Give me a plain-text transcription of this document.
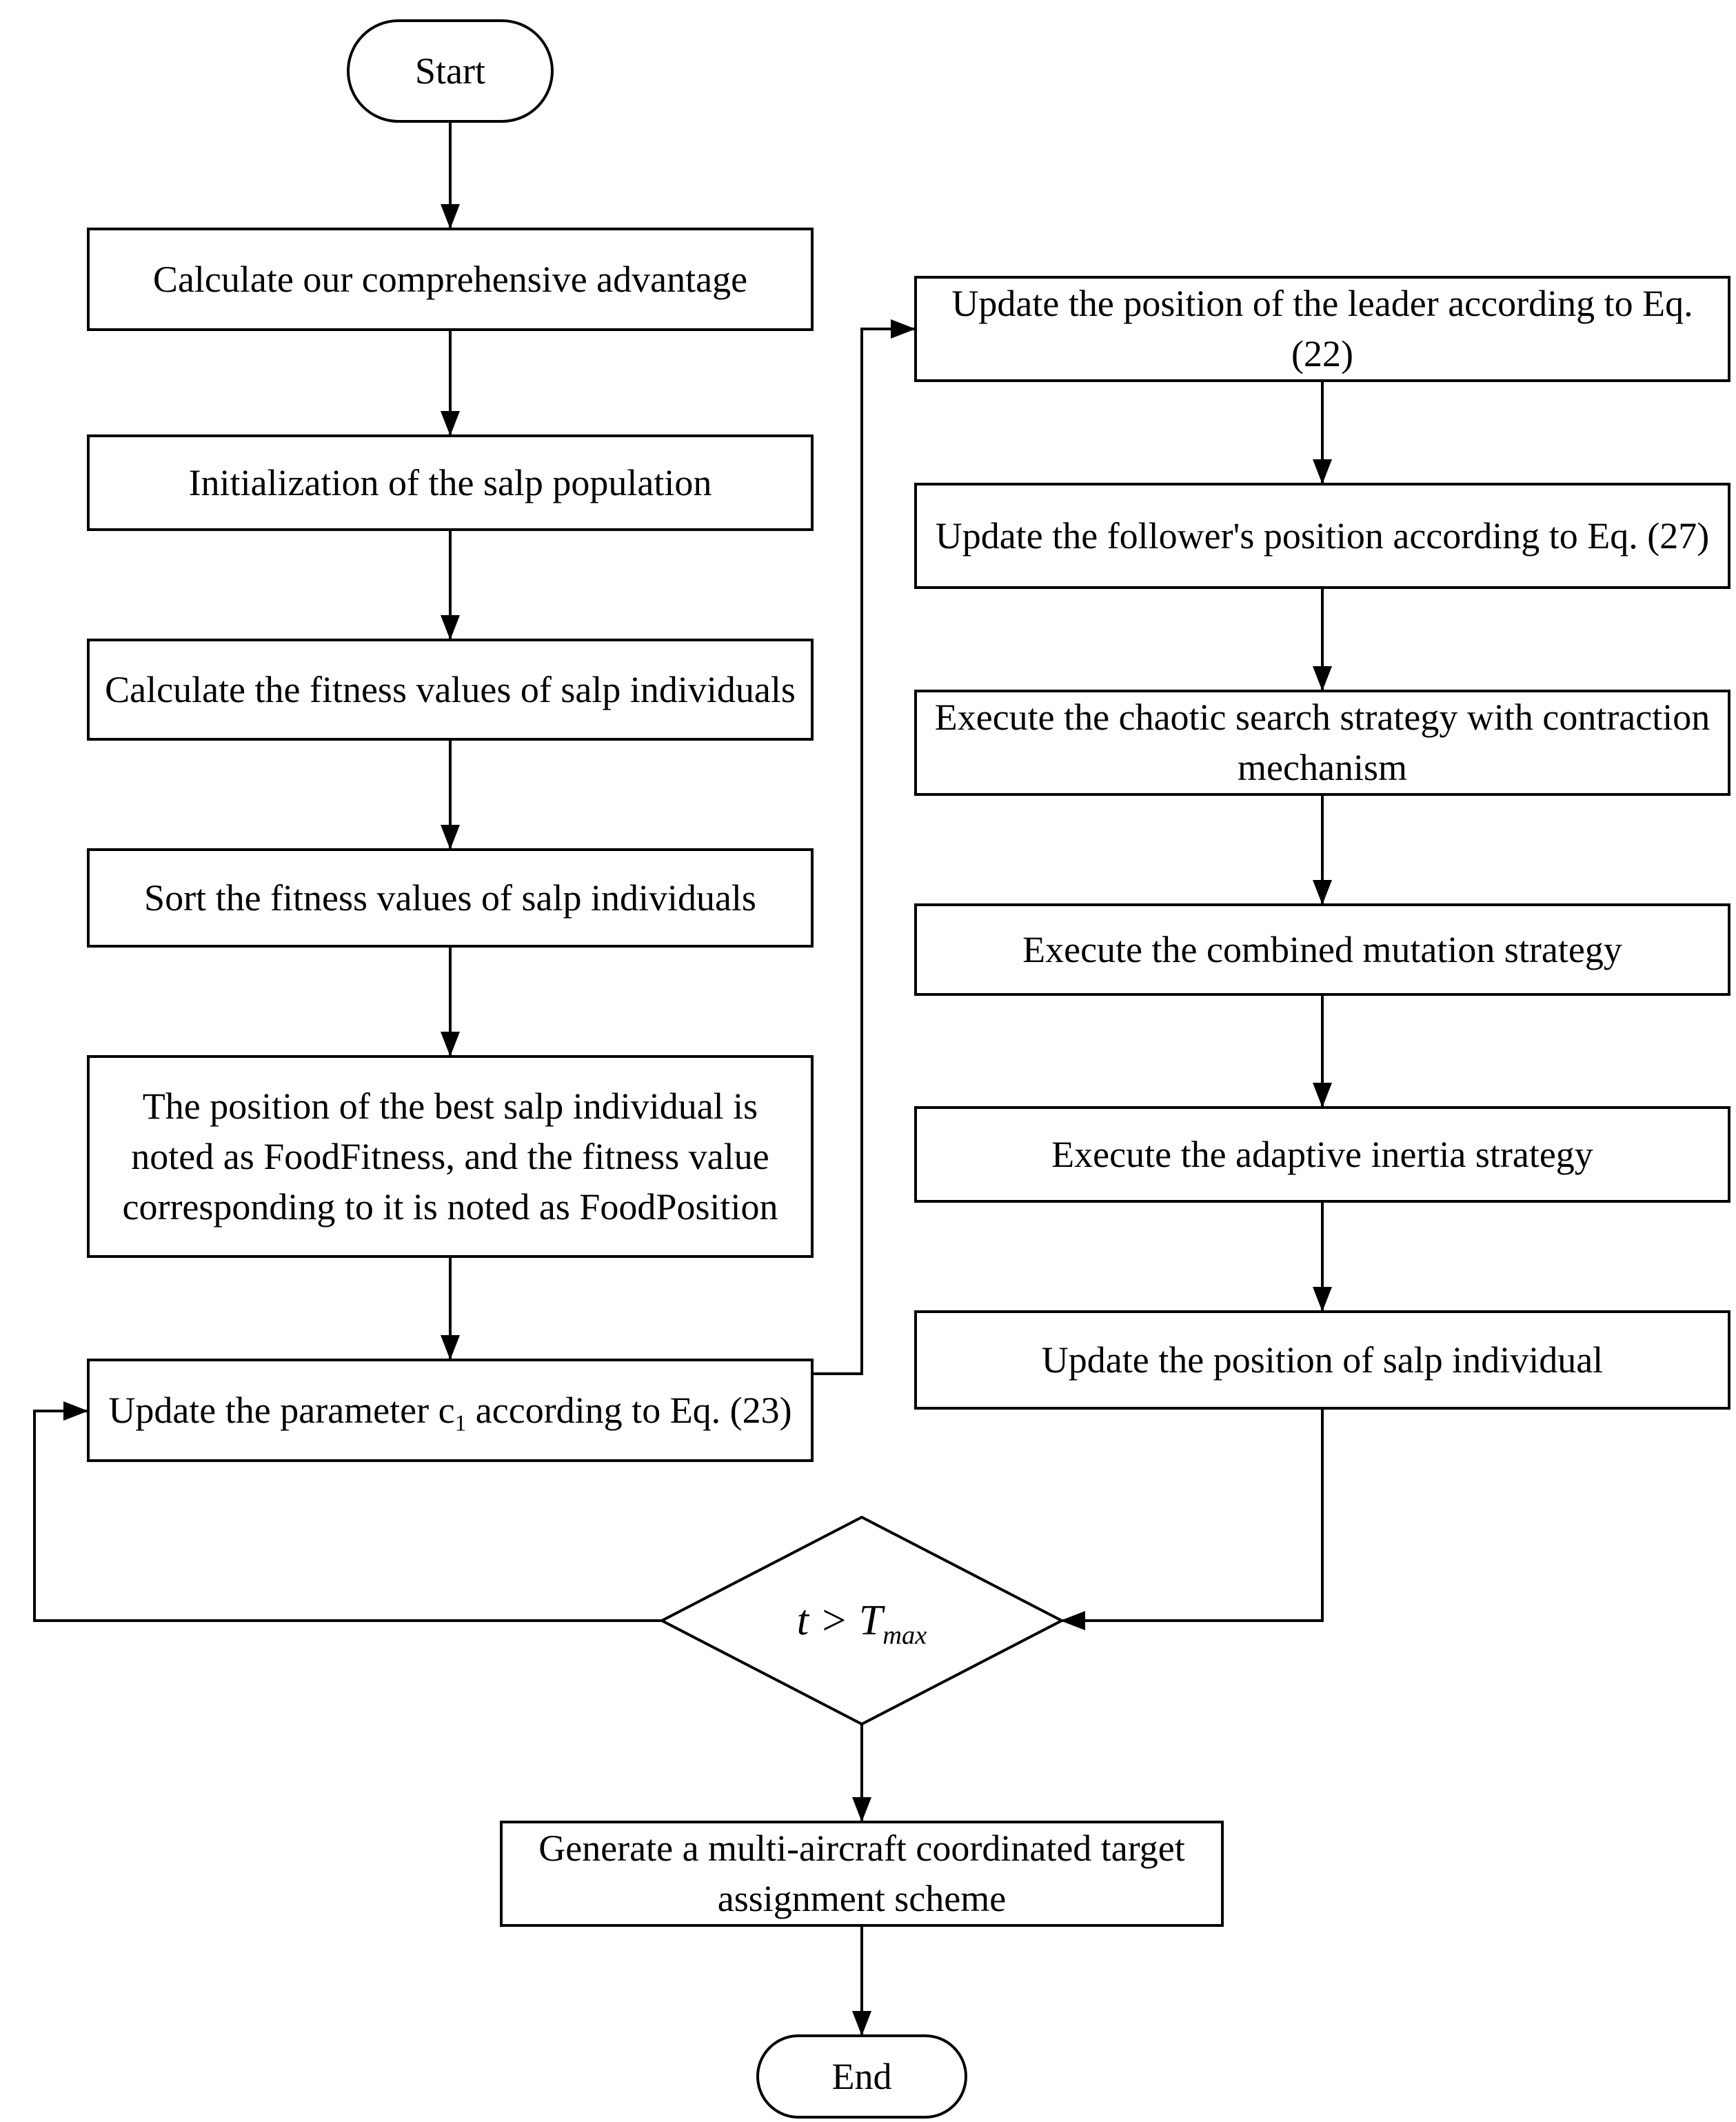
Start
Calculate our comprehensive advantage
Initialization of the salp population
Calculate the fitness values of salp individuals
Sort the fitness values of salp individuals
The position of the best salp individual is noted as FoodFitness, and the fitness value corresponding to it is noted as FoodPosition
Update the parameter $c_1$ according to Eq. (23)
Update the position of the leader according to Eq. (22)
Update the follower's position according to Eq. (27)
Execute the chaotic search strategy with contraction mechanism
Execute the combined mutation strategy
Execute the adaptive inertia strategy
Update the position of salp individual
$t > T_{max}$
Generate a multi-aircraft coordinated target assignment scheme
End
